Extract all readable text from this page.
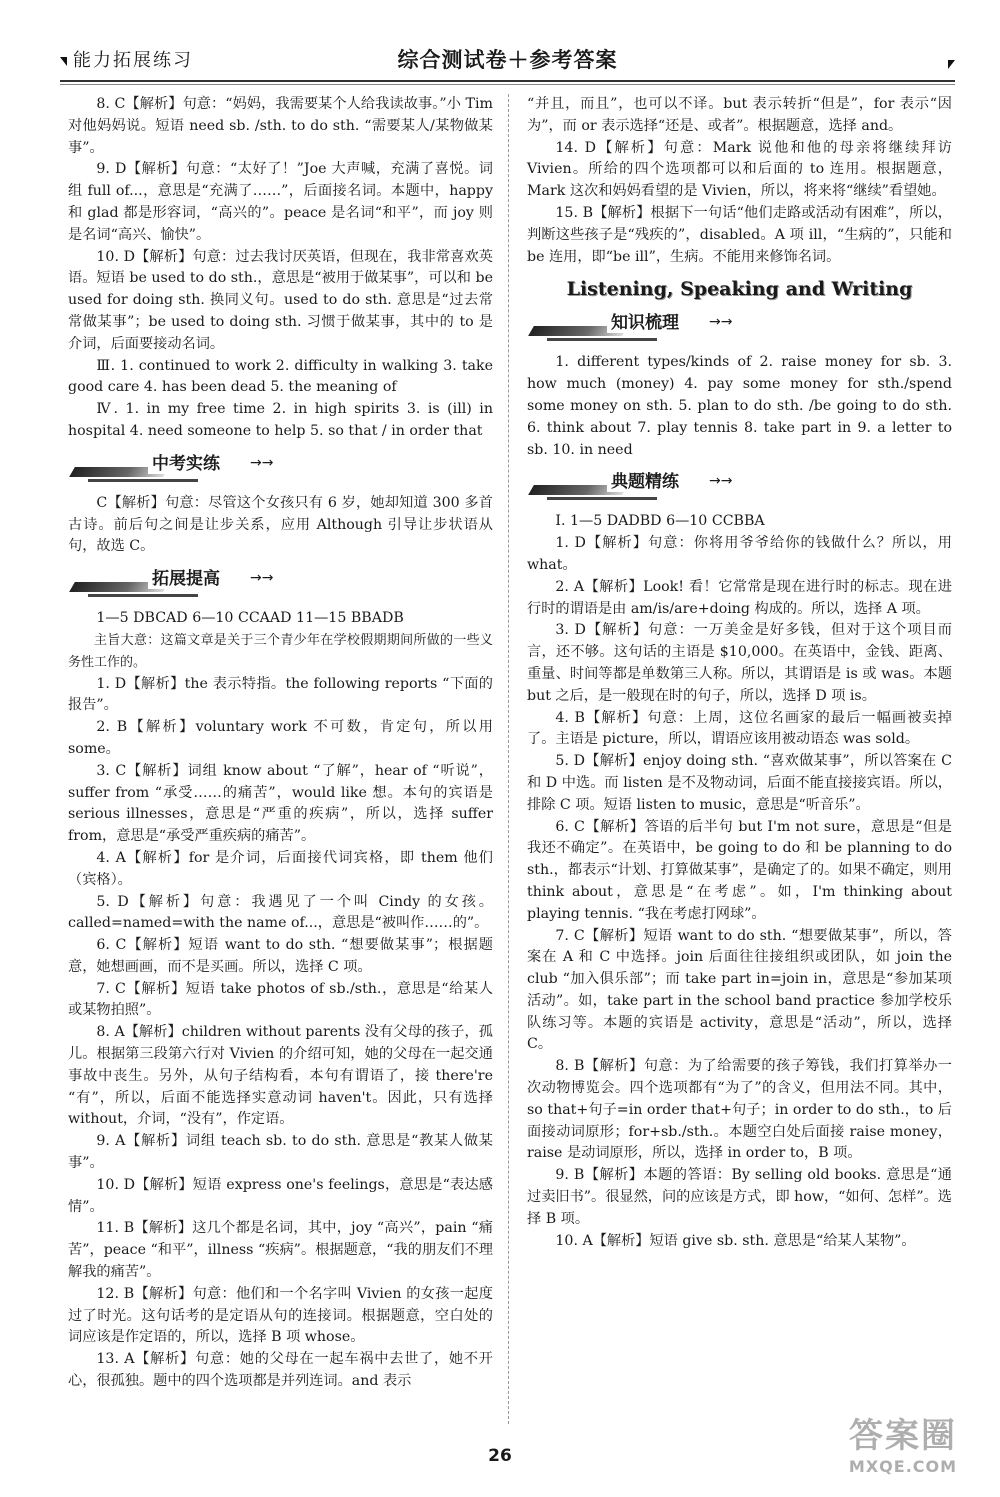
能力拓展练习	综合测试卷＋参考答案

8. C【解析】句意：“妈妈，我需要某个人给我读故事。”小 Tim 对他妈妈说。短语 need sb. /sth. to do sth. “需要某人/某物做某事”。

9. D【解析】句意：“太好了！”Joe 大声喊，充满了喜悦。词组 full of...，意思是“充满了……”，后面接名词。本题中，happy 和 glad 都是形容词，“高兴的”。peace 是名词“和平”，而 joy 则是名词“高兴、愉快”。

10. D【解析】句意：过去我讨厌英语，但现在，我非常喜欢英语。短语 be used to do sth.，意思是“被用于做某事”，可以和 be used for doing sth. 换同义句。used to do sth. 意思是“过去常常做某事”；be used to doing sth. 习惯于做某事，其中的 to 是介词，后面要接动名词。

Ⅲ. 1. continued to work 2. difficulty in walking 3. take good care 4. has been dead 5. the meaning of

Ⅳ. 1. in my free time 2. in high spirits 3. is (ill) in hospital 4. need someone to help 5. so that / in order that

中考实练 →→

C【解析】句意：尽管这个女孩只有 6 岁，她却知道 300 多首古诗。前后句之间是让步关系，应用 Although 引导让步状语从句，故选 C。

拓展提高 →→

1—5 DBCAD 6—10 CCAAD 11—15 BBADB

主旨大意：这篇文章是关于三个青少年在学校假期期间所做的一些义务性工作的。

1. D【解析】the 表示特指。the following reports “下面的报告”。

2. B【解析】voluntary work 不可数，肯定句，所以用 some。

3. C【解析】词组 know about “了解”，hear of “听说”，suffer from “承受……的痛苦”，would like 想。本句的宾语是 serious illnesses，意思是“严重的疾病”，所以，选择 suffer from，意思是“承受严重疾病的痛苦”。

4. A【解析】for 是介词，后面接代词宾格，即 them 他们（宾格）。

5. D【解析】句意：我遇见了一个叫 Cindy 的女孩。called=named=with the name of...，意思是“被叫作……的”。

6. C【解析】短语 want to do sth. “想要做某事”；根据题意，她想画画，而不是买画。所以，选择 C 项。

7. C【解析】短语 take photos of sb./sth.，意思是“给某人或某物拍照”。

8. A【解析】children without parents 没有父母的孩子，孤儿。根据第三段第六行对 Vivien 的介绍可知，她的父母在一起交通事故中丧生。另外，从句子结构看，本句有谓语了，接 there're “有”，所以，后面不能选择实意动词 haven't。因此，只有选择 without，介词，“没有”，作定语。

9. A【解析】词组 teach sb. to do sth. 意思是“教某人做某事”。

10. D【解析】短语 express one's feelings，意思是“表达感情”。

11. B【解析】这几个都是名词，其中，joy “高兴”，pain “痛苦”，peace “和平”，illness “疾病”。根据题意，“我的朋友们不理解我的痛苦”。

12. B【解析】句意：他们和一个名字叫 Vivien 的女孩一起度过了时光。这句话考的是定语从句的连接词。根据题意，空白处的词应该是作定语的，所以，选择 B 项 whose。

13. A【解析】句意：她的父母在一起车祸中去世了，她不开心，很孤独。题中的四个选项都是并列连词。and 表示

“并且，而且”，也可以不译。but 表示转折“但是”，for 表示“因为”，而 or 表示选择“还是、或者”。根据题意，选择 and。

14. D【解析】句意：Mark 说他和他的母亲将继续拜访 Vivien。所给的四个选项都可以和后面的 to 连用。根据题意，Mark 这次和妈妈看望的是 Vivien，所以，将来将“继续”看望她。

15. B【解析】根据下一句话“他们走路或活动有困难”，所以，判断这些孩子是“残疾的”，disabled。A 项 ill，“生病的”，只能和 be 连用，即“be ill”，生病。不能用来修饰名词。

Listening, Speaking and Writing
知识梳理 →→

1. different types/kinds of 2. raise money for sb. 3. how much (money) 4. pay some money for sth./spend some money on sth. 5. plan to do sth. /be going to do sth. 6. think about 7. play tennis 8. take part in 9. a letter to sb. 10. in need

典题精练 →→

Ⅰ. 1—5 DADBD 6—10 CCBBA

1. D【解析】句意：你将用爷爷给你的钱做什么？所以，用 what。

2. A【解析】Look! 看！它常常是现在进行时的标志。现在进行时的谓语是由 am/is/are+doing 构成的。所以，选择 A 项。

3. D【解析】句意：一万美金是好多钱，但对于这个项目而言，还不够。这句话的主语是 $10,000。在英语中，金钱、距离、重量、时间等都是单数第三人称。所以，其谓语是 is 或 was。本题 but 之后，是一般现在时的句子，所以，选择 D 项 is。

4. B【解析】句意：上周，这位名画家的最后一幅画被卖掉了。主语是 picture，所以，谓语应该用被动语态 was sold。

5. D【解析】enjoy doing sth. “喜欢做某事”，所以答案在 C 和 D 中选。而 listen 是不及物动词，后面不能直接接宾语。所以，排除 C 项。短语 listen to music，意思是“听音乐”。

6. C【解析】答语的后半句 but I'm not sure，意思是“但是我还不确定”。在英语中，be going to do 和 be planning to do sth.，都表示“计划、打算做某事”，是确定了的。如果不确定，则用 think about，意思是“在考虑”。如，I'm thinking about playing tennis. “我在考虑打网球”。

7. C【解析】短语 want to do sth. “想要做某事”，所以，答案在 A 和 C 中选择。join 后面往往接组织或团队，如 join the club “加入俱乐部”；而 take part in=join in，意思是“参加某项活动”。如，take part in the school band practice 参加学校乐队练习等。本题的宾语是 activity，意思是“活动”，所以，选择 C。

8. B【解析】句意：为了给需要的孩子筹钱，我们打算举办一次动物博览会。四个选项都有“为了”的含义，但用法不同。其中，so that+句子=in order that+句子；in order to do sth.，to 后面接动词原形；for+sb./sth.。本题空白处后面接 raise money，raise 是动词原形，所以，选择 in order to，B 项。

9. B【解析】本题的答语：By selling old books. 意思是“通过卖旧书”。很显然，问的应该是方式，即 how，“如何、怎样”。选择 B 项。

10. A【解析】短语 give sb. sth. 意思是“给某人某物”。

26	答案圈
MXQE.COM
